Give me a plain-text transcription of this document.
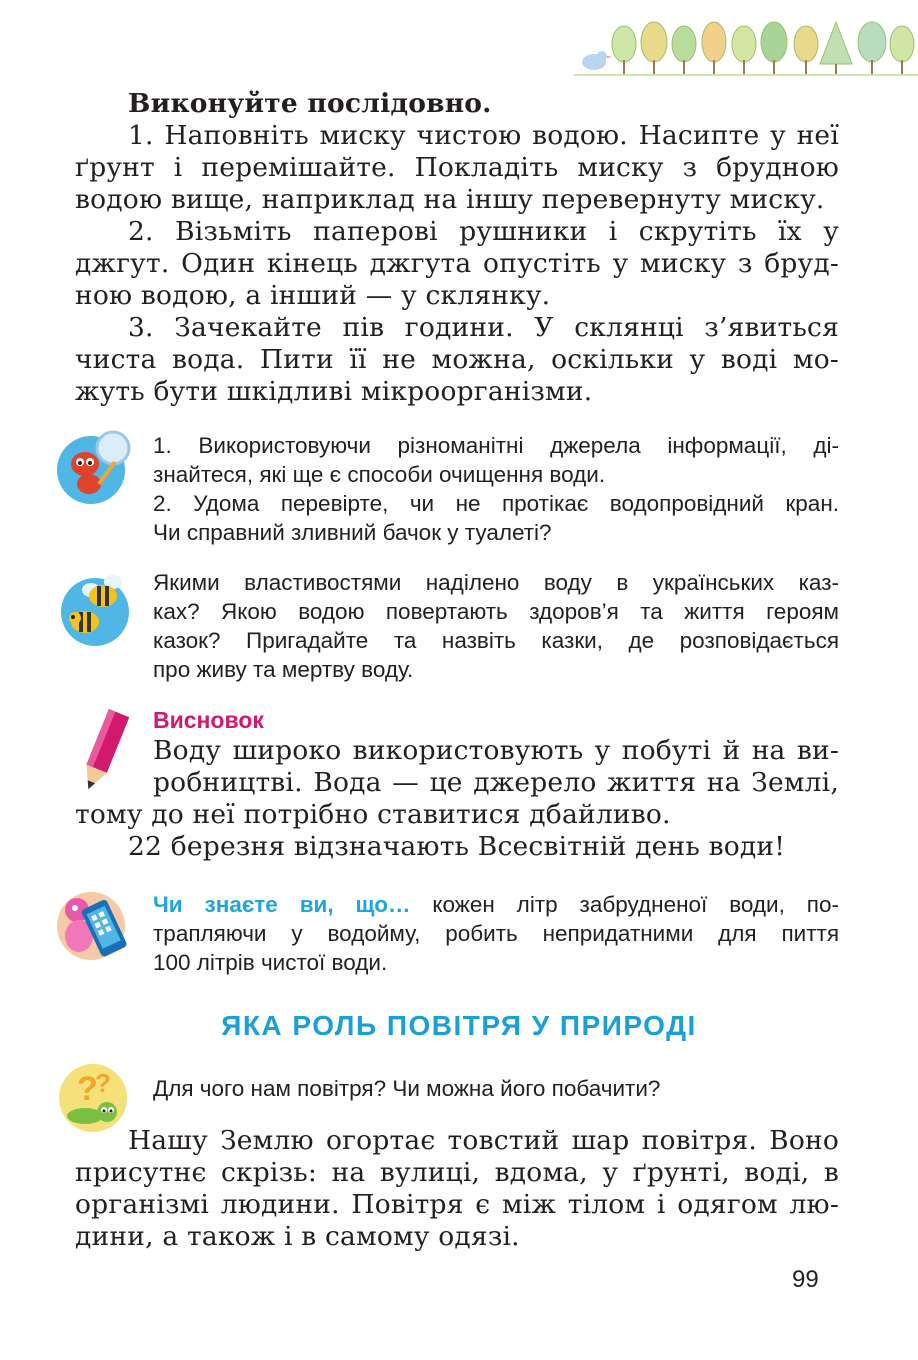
Виконуйте послідовно.
1. Наповніть миску чистою водою. Насипте у неї
ґрунт і перемішайте. Покладіть миску з брудною
водою вище, наприклад на іншу перевернуту миску.
2. Візьміть паперові рушники і скрутіть їх у
джгут. Один кінець джгута опустіть у миску з бруд-
ною водою, а інший — у склянку.
3. Зачекайте пів години. У склянці з’явиться
чиста вода. Пити її не можна, оскільки у воді мо-
жуть бути шкідливі мікроорганізми.
1. Використовуючи різноманітні джерела інформації, ді-
знайтеся, які ще є способи очищення води.
2. Удома перевірте, чи не протікає водопровідний кран.
Чи справний зливний бачок у туалеті?
Якими властивостями наділено воду в українських каз-
ках? Якою водою повертають здоров’я та життя героям
казок? Пригадайте та назвіть казки, де розповідається
про живу та мертву воду.
Висновок
Воду широко використовують у побуті й на ви-
робництві. Вода — це джерело життя на Землі,
тому до неї потрібно ставитися дбайливо.
22 березня відзначають Всесвітній день води!
Чи знаєте ви, що… кожен літр забрудненої води, по-
трапляючи у водойму, робить непридатними для пиття
100 літрів чистої води.
ЯКА РОЛЬ ПОВІТРЯ У ПРИРОДІ
?
? Для чого нам повітря? Чи можна його побачити?
Нашу Землю огортає товстий шар повітря. Воно
присутнє скрізь: на вулиці, вдома, у ґрунті, воді, в
організмі людини. Повітря є між тілом і одягом лю-
дини, а також і в самому одязі.
99
